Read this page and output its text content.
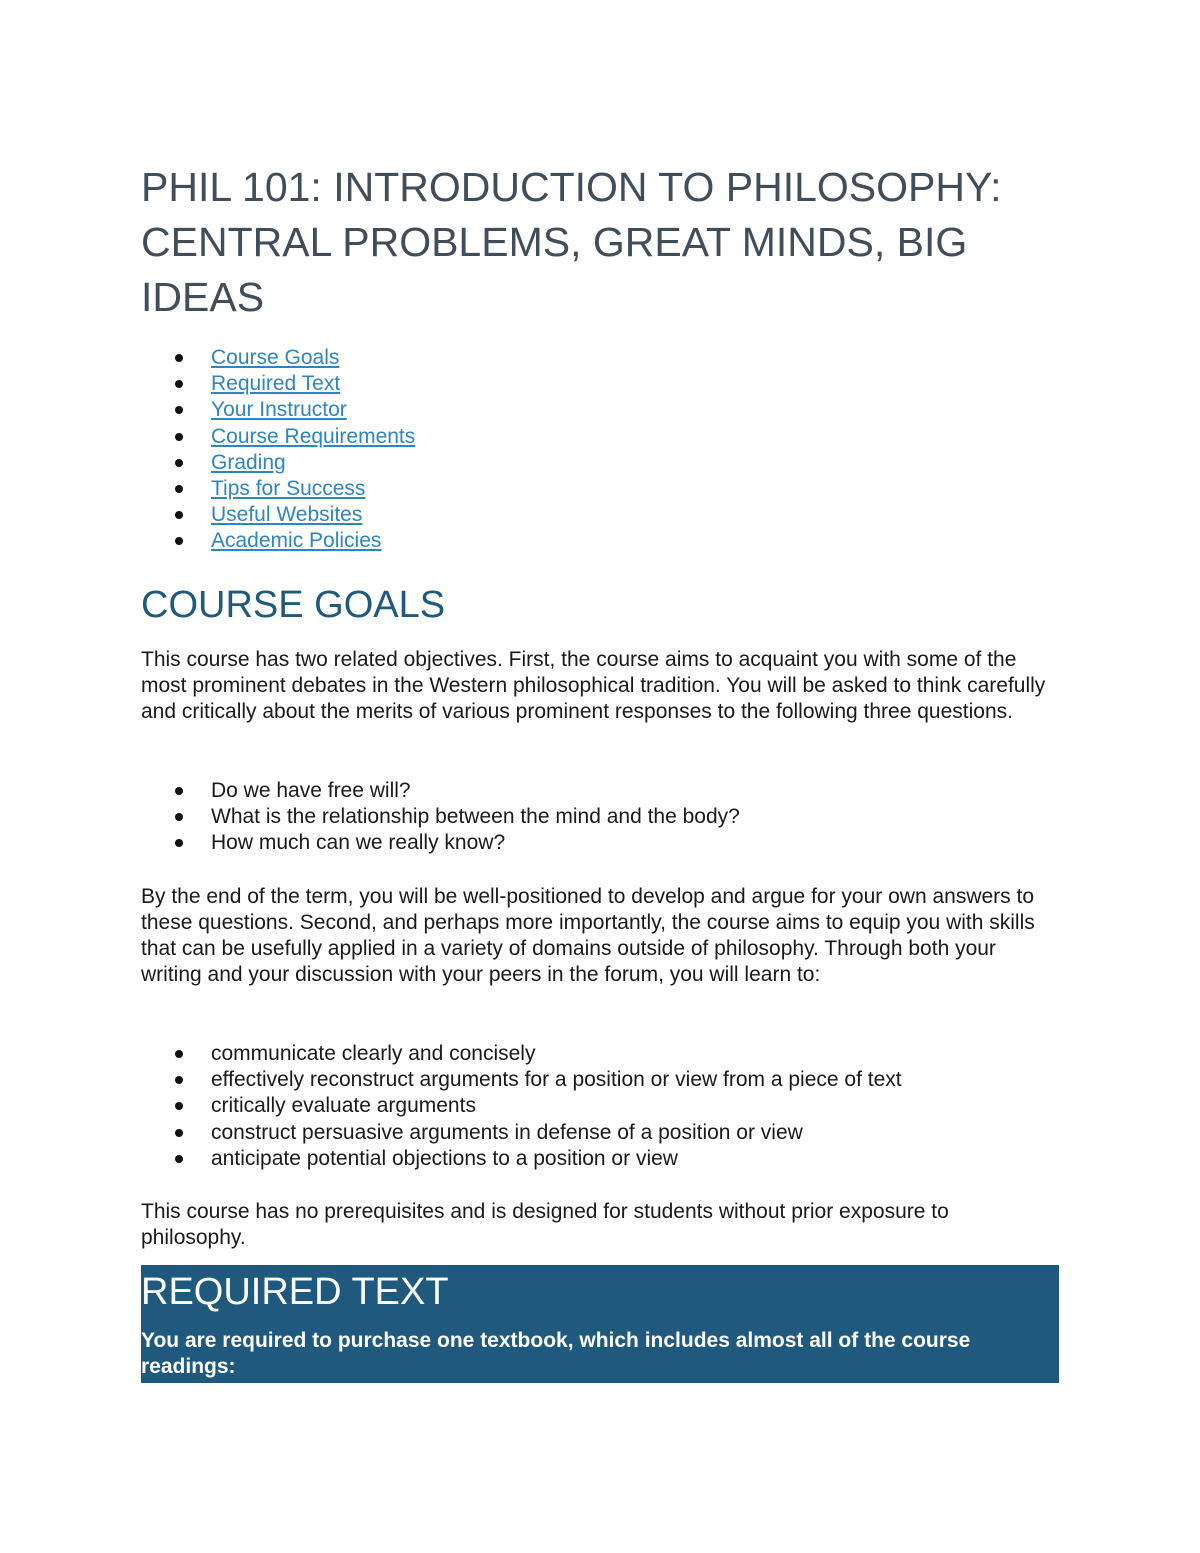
PHIL 101: INTRODUCTION TO PHILOSOPHY: CENTRAL PROBLEMS, GREAT MINDS, BIG IDEAS
Course Goals
Required Text
Your Instructor
Course Requirements
Grading
Tips for Success
Useful Websites
Academic Policies
COURSE GOALS

This course has two related objectives. First, the course aims to acquaint you with some of the most prominent debates in the Western philosophical tradition. You will be asked to think carefully and critically about the merits of various prominent responses to the following three questions.

Do we have free will?
What is the relationship between the mind and the body?
How much can we really know?

By the end of the term, you will be well-positioned to develop and argue for your own answers to these questions. Second, and perhaps more importantly, the course aims to equip you with skills that can be usefully applied in a variety of domains outside of philosophy. Through both your writing and your discussion with your peers in the forum, you will learn to:

communicate clearly and concisely
effectively reconstruct arguments for a position or view from a piece of text
critically evaluate arguments
construct persuasive arguments in defense of a position or view
anticipate potential objections to a position or view

This course has no prerequisites and is designed for students without prior exposure to philosophy.

REQUIRED TEXT

You are required to purchase one textbook, which includes almost all of the course readings:
